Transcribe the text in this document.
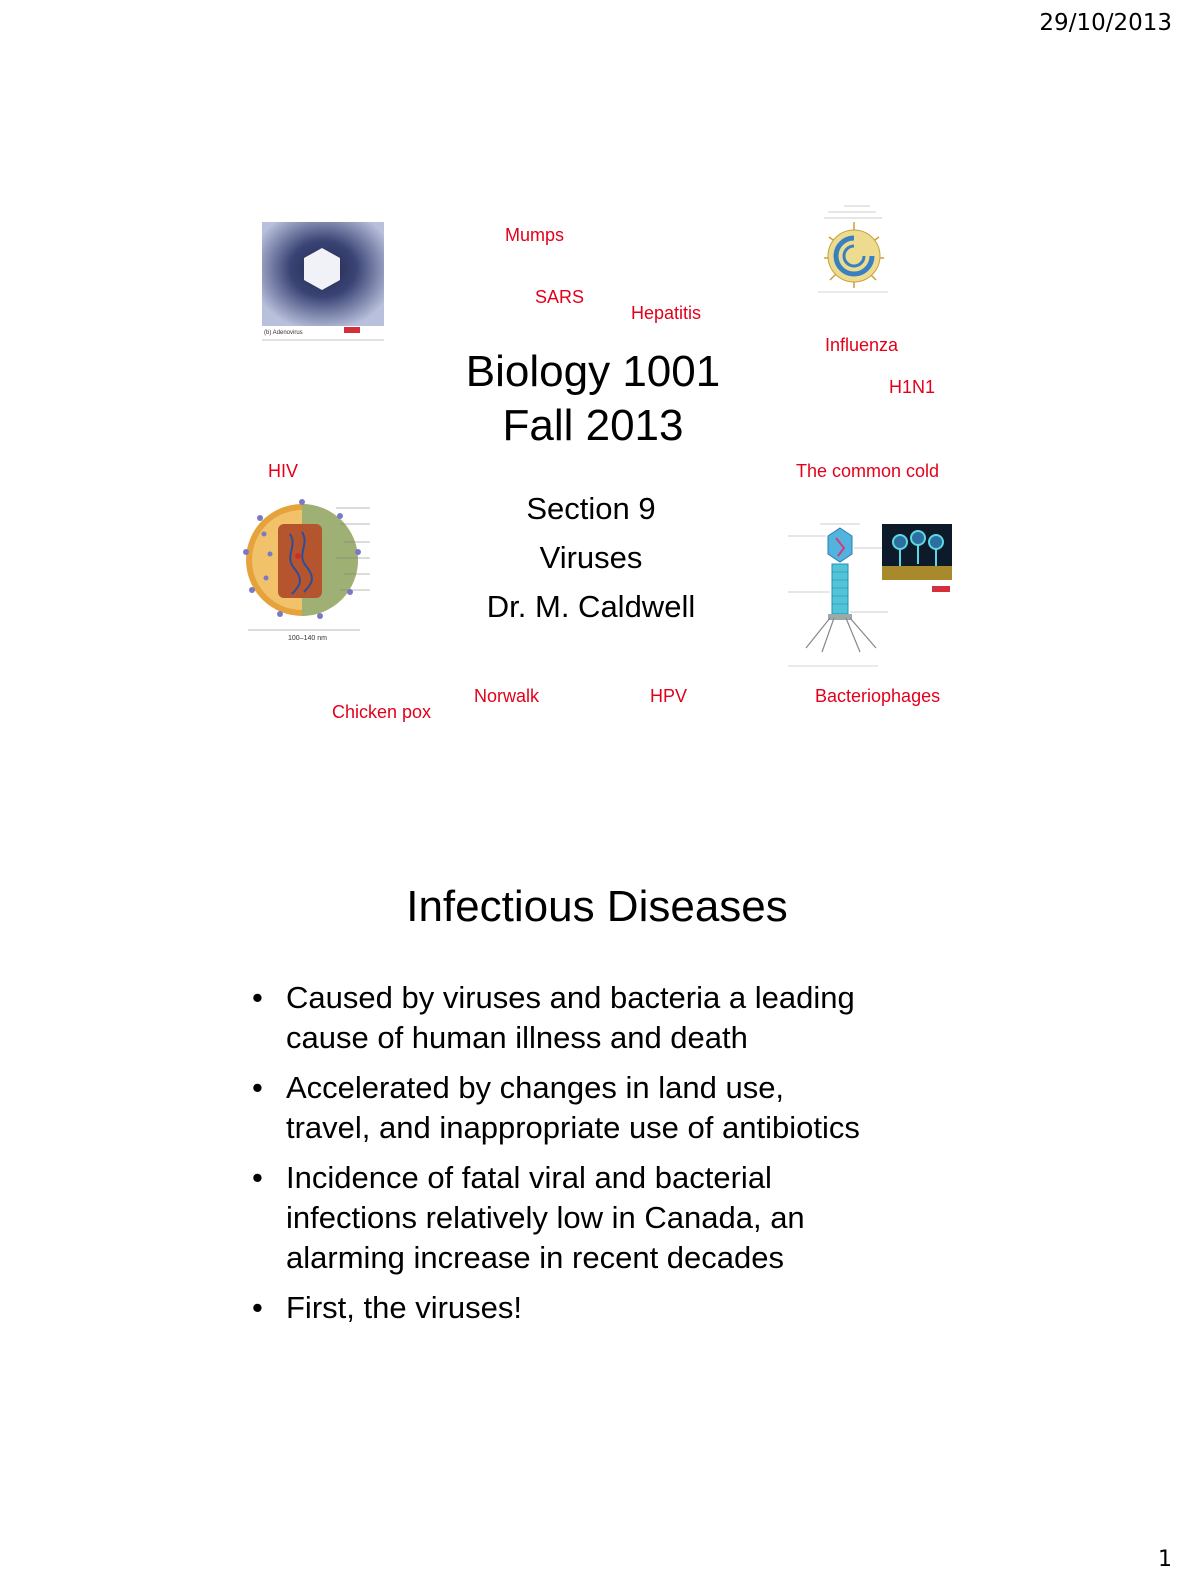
29/10/2013
(b) Adenovirus
100–140 nm
Mumps
SARS
Hepatitis
Influenza
H1N1
HIV	The common cold
Norwalk	HPV
Chicken pox
Bacteriophages
Biology 1001
Fall 2013
Section 9
Viruses
Dr. M. Caldwell
Infectious Diseases
• Caused by viruses and bacteria a leading
cause of human illness and death
• Accelerated by changes in land use,
travel, and inappropriate use of antibiotics
• Incidence of fatal viral and bacterial
infections relatively low in Canada, an
alarming increase in recent decades
• First, the viruses!
1
